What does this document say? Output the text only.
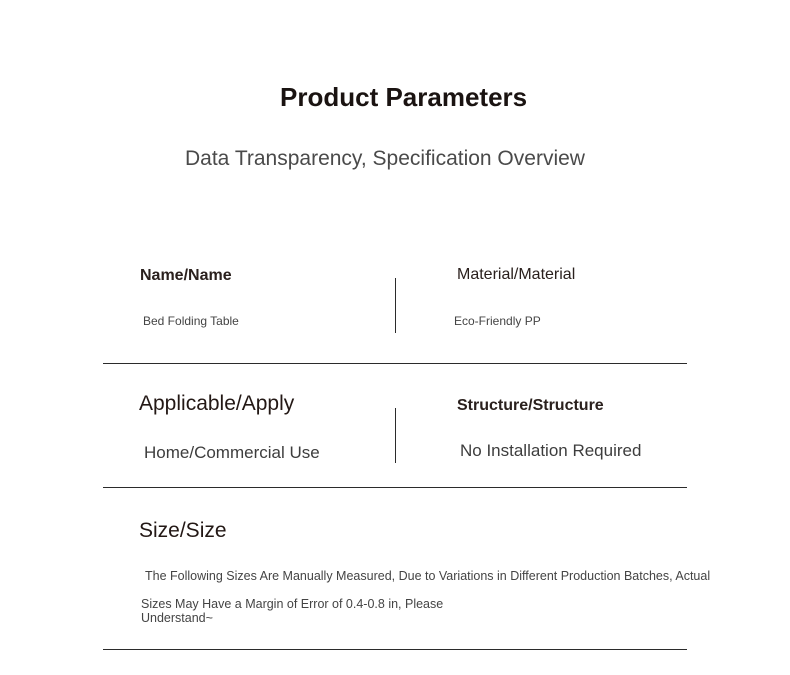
Product Parameters
Data Transparency, Specification Overview
Name/Name
Bed Folding Table
Material/Material
Eco-Friendly PP
Applicable/Apply
Home/Commercial Use
Structure/Structure
No Installation Required
Size/Size
The Following Sizes Are Manually Measured, Due to Variations in Different Production Batches, Actual
Sizes May Have a Margin of Error of 0.4-0.8 in, Please
Understand~
